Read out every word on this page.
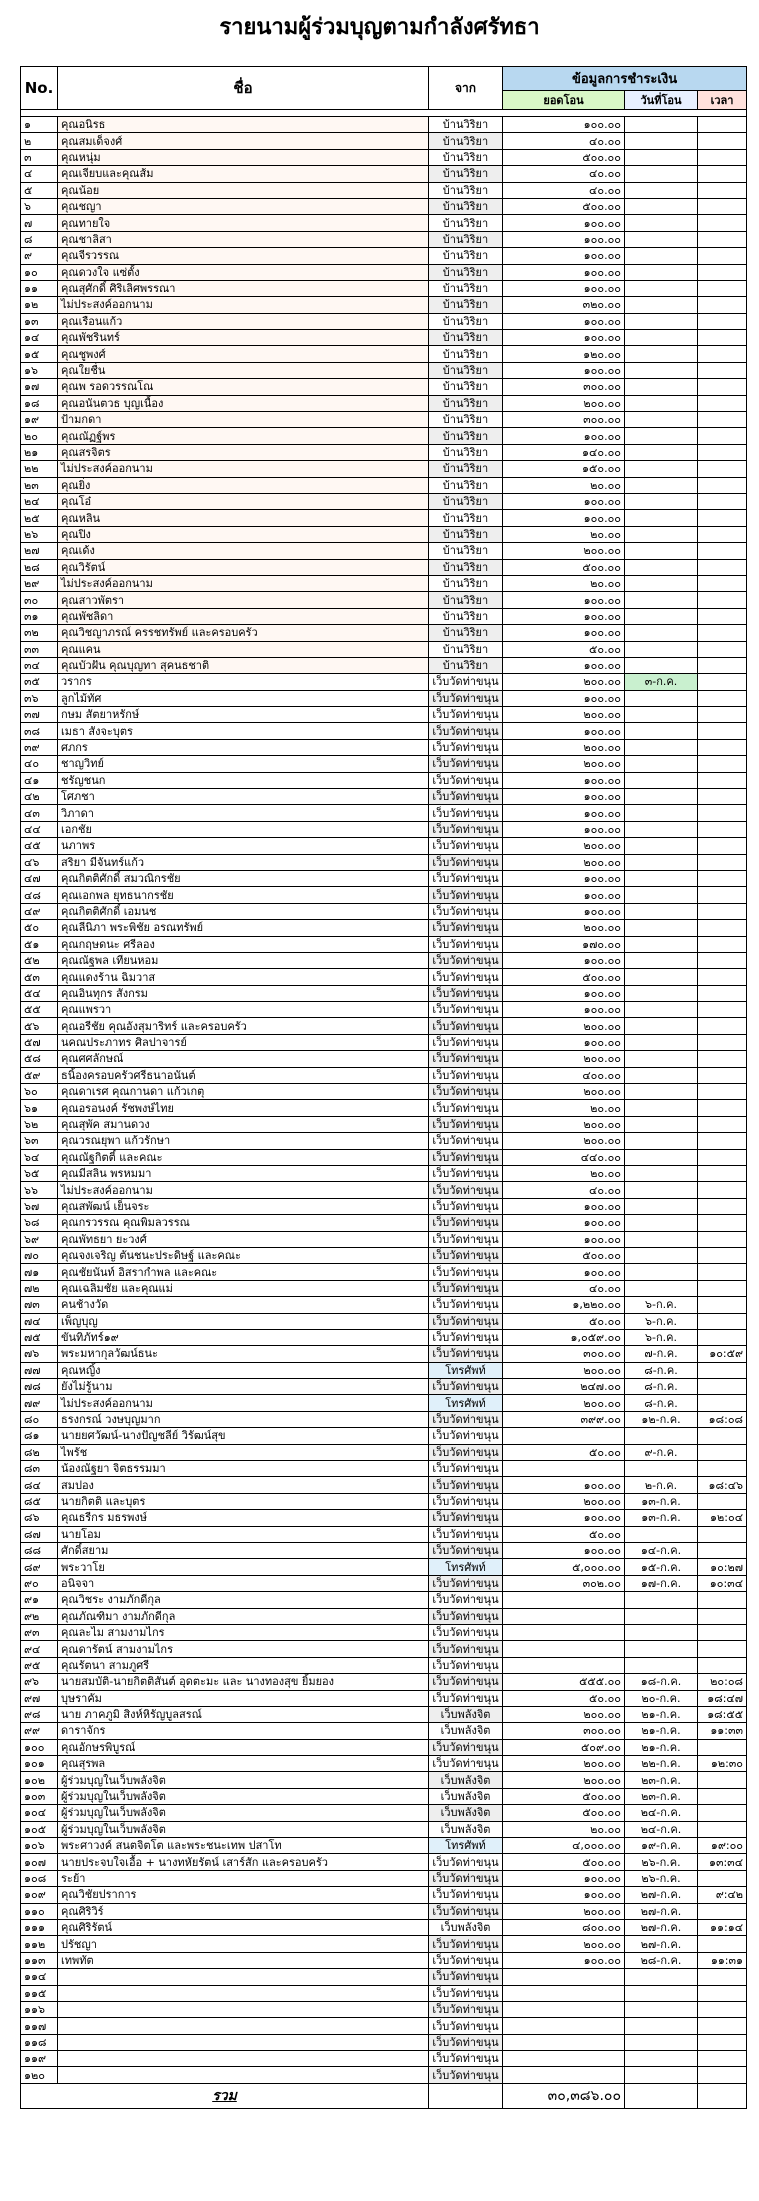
รายนามผู้ร่วมบุญตามกำลังศรัทธา
No.	ชื่อ	จาก	ข้อมูลการชำระเงิน		
			ยอดโอน	วันที่โอน	เวลา

๑	คุณอนิรธ	บ้านวิริยา	๑๐๐.๐๐		
๒	คุณสมเด็จงศ์	บ้านวิริยา	๔๐.๐๐		
๓	คุณหนุ่ม	บ้านวิริยา	๕๐๐.๐๐		
๔	คุณเจียบและคุณส้ม	บ้านวิริยา	๔๐.๐๐		
๕	คุณน้อย	บ้านวิริยา	๔๐.๐๐		
๖	คุณชญา	บ้านวิริยา	๕๐๐.๐๐		
๗	คุณทายใจ	บ้านวิริยา	๑๐๐.๐๐		
๘	คุณชาลิสา	บ้านวิริยา	๑๐๐.๐๐		
๙	คุณจีรวรรณ	บ้านวิริยา	๑๐๐.๐๐		
๑๐	คุณดวงใจ แซ่ตั้ง	บ้านวิริยา	๑๐๐.๐๐		
๑๑	คุณสุศักดิ์ ศิริเลิศพรรณา	บ้านวิริยา	๑๐๐.๐๐		
๑๒	ไม่ประสงค์ออกนาม	บ้านวิริยา	๓๒๐.๐๐		
๑๓	คุณเรือนแก้ว	บ้านวิริยา	๑๐๐.๐๐		
๑๔	คุณพัชรินทร์	บ้านวิริยา	๑๐๐.๐๐		
๑๕	คุณชูพงศ์	บ้านวิริยา	๑๒๐.๐๐		
๑๖	คุณใยชื่น	บ้านวิริยา	๑๐๐.๐๐		
๑๗	คุณพ รอดวรรณโณ	บ้านวิริยา	๓๐๐.๐๐		
๑๘	คุณอนันตวธ บุญเนื้อง	บ้านวิริยา	๒๐๐.๐๐		
๑๙	ป้ามกดา	บ้านวิริยา	๓๐๐.๐๐		
๒๐	คุณณัฏฐ์พร	บ้านวิริยา	๑๐๐.๐๐		
๒๑	คุณสรจิตร	บ้านวิริยา	๑๔๐.๐๐		
๒๒	ไม่ประสงค์ออกนาม	บ้านวิริยา	๑๕๐.๐๐		
๒๓	คุณยิ่ง	บ้านวิริยา	๒๐.๐๐		
๒๔	คุณโอ๋	บ้านวิริยา	๑๐๐.๐๐		
๒๕	คุณหลิน	บ้านวิริยา	๑๐๐.๐๐		
๒๖	คุณปิง	บ้านวิริยา	๒๐.๐๐		
๒๗	คุณเด้ง	บ้านวิริยา	๒๐๐.๐๐		
๒๘	คุณวิรัตน์	บ้านวิริยา	๕๐๐.๐๐		
๒๙	ไม่ประสงค์ออกนาม	บ้านวิริยา	๒๐.๐๐		
๓๐	คุณสาวพัตรา	บ้านวิริยา	๑๐๐.๐๐		
๓๑	คุณพัชลิดา	บ้านวิริยา	๑๐๐.๐๐		
๓๒	คุณวิชญาภรณ์ ครรชทรัพย์ และครอบครัว	บ้านวิริยา	๑๐๐.๐๐		
๓๓	คุณแคน	บ้านวิริยา	๕๐.๐๐		
๓๔	คุณบัวฝัน คุณบุญทา สุคนธชาติ	บ้านวิริยา	๑๐๐.๐๐		
๓๕	วรากร	เว็บวัดท่าขนุน	๒๐๐.๐๐	๓-ก.ค.	
๓๖	ลูกไม้ทัศ	เว็บวัดท่าขนุน	๑๐๐.๐๐		
๓๗	กษม สัตยาหรักษ์	เว็บวัดท่าขนุน	๒๐๐.๐๐		
๓๘	เมธา สังจะบุตร	เว็บวัดท่าขนุน	๑๐๐.๐๐		
๓๙	ศภกร	เว็บวัดท่าขนุน	๒๐๐.๐๐		
๔๐	ชาญวิทย์	เว็บวัดท่าขนุน	๒๐๐.๐๐		
๔๑	ชรัญชนก	เว็บวัดท่าขนุน	๑๐๐.๐๐		
๔๒	โศภชา	เว็บวัดท่าขนุน	๑๐๐.๐๐		
๔๓	วิภาดา	เว็บวัดท่าขนุน	๑๐๐.๐๐		
๔๔	เอกชัย	เว็บวัดท่าขนุน	๑๐๐.๐๐		
๔๕	นภาพร	เว็บวัดท่าขนุน	๒๐๐.๐๐		
๔๖	สริยา มีจันทร์แก้ว	เว็บวัดท่าขนุน	๒๐๐.๐๐		
๔๗	คุณกิตติศักดิ์ สมวณิกรชัย	เว็บวัดท่าขนุน	๑๐๐.๐๐		
๔๘	คุณเอกพล ยุทธนากรชัย	เว็บวัดท่าขนุน	๑๐๐.๐๐		
๔๙	คุณกิตติศักดิ์ เอมนช	เว็บวัดท่าขนุน	๑๐๐.๐๐		
๕๐	คุณลีนิภา พระพิชัย อรณทรัพย์	เว็บวัดท่าขนุน	๒๐๐.๐๐		
๕๑	คุณกฤษดนะ ศรีลอง	เว็บวัดท่าขนุน	๑๗๐.๐๐		
๕๒	คุณณัฐพล เทียนหอม	เว็บวัดท่าขนุน	๑๐๐.๐๐		
๕๓	คุณแดงร้าน ฉิมวาส	เว็บวัดท่าขนุน	๕๐๐.๐๐		
๕๔	คุณอินทุกร สังกรม	เว็บวัดท่าขนุน	๑๐๐.๐๐		
๕๕	คุณแพรวา	เว็บวัดท่าขนุน	๑๐๐.๐๐		
๕๖	คุณอรีชัย คุณอังสุมาริทร์ และครอบครัว	เว็บวัดท่าขนุน	๒๐๐.๐๐		
๕๗	นคณประภาทร ศิลปาจารย์	เว็บวัดท่าขนุน	๑๐๐.๐๐		
๕๘	คุณศศลักษณ์	เว็บวัดท่าขนุน	๒๐๐.๐๐		
๕๙	ธนิ้องครอบครัวศรีธนาอนันต์	เว็บวัดท่าขนุน	๔๐๐.๐๐		
๖๐	คุณดาเรศ คุณกานดา แก้วเกตุ	เว็บวัดท่าขนุน	๒๐๐.๐๐		
๖๑	คุณอรอนงค์ รัชพงษ์ไทย	เว็บวัดท่าขนุน	๒๐.๐๐		
๖๒	คุณสุพัค สมานดวง	เว็บวัดท่าขนุน	๒๐๐.๐๐		
๖๓	คุณวรณยุพา แก้วรักษา	เว็บวัดท่าขนุน	๒๐๐.๐๐		
๖๔	คุณณัฐกิตติ์ และคณะ	เว็บวัดท่าขนุน	๔๔๐.๐๐		
๖๕	คุณมีสลิน พรหมมา	เว็บวัดท่าขนุน	๒๐.๐๐		
๖๖	ไม่ประสงค์ออกนาม	เว็บวัดท่าขนุน	๔๐.๐๐		
๖๗	คุณสพัฒน์ เย็นจระ	เว็บวัดท่าขนุน	๑๐๐.๐๐		
๖๘	คุณกรวรรณ คุณพิมลวรรณ	เว็บวัดท่าขนุน	๑๐๐.๐๐		
๖๙	คุณพัทธยา ยะวงศ์	เว็บวัดท่าขนุน	๑๐๐.๐๐		
๗๐	คุณจงเจริญ ตันชนะประดิษฐ์ และคณะ	เว็บวัดท่าขนุน	๕๐๐.๐๐		
๗๑	คุณชัยนันท์ อิสรากำพล และคณะ	เว็บวัดท่าขนุน	๑๐๐.๐๐		
๗๒	คุณเฉลิมชัย และคุณแม่	เว็บวัดท่าขนุน	๔๐.๐๐		
๗๓	คนช้างวัด	เว็บวัดท่าขนุน	๑,๒๒๐.๐๐	๖-ก.ค.	
๗๔	เพ็ญบุญ	เว็บวัดท่าขนุน	๕๐.๐๐	๖-ก.ค.	
๗๕	ขันทิภัทร์๑๙	เว็บวัดท่าขนุน	๑,๐๕๙.๐๐	๖-ก.ค.	
๗๖	พระมหากุลวัฒน์ธนะ	เว็บวัดท่าขนุน	๓๐๐.๐๐	๗-ก.ค.	๑๐:๕๙
๗๗	คุณหญิ้ง	โทรศัพท์	๒๐๐.๐๐	๘-ก.ค.	
๗๘	ยังไม่รู้นาม	เว็บวัดท่าขนุน	๒๔๗.๐๐	๘-ก.ค.	
๗๙	ไม่ประสงค์ออกนาม	โทรศัพท์	๒๐๐.๐๐	๘-ก.ค.	
๘๐	ธรงกรณ์ วงษบุญมาก	เว็บวัดท่าขนุน	๓๙๙.๐๐	๑๒-ก.ค.	๑๘:๐๘
๘๑	นายยศวัฒน์-นางปัญชลีย์ วิรัฒน์สุข	เว็บวัดท่าขนุน			
๘๒	ไพรัช	เว็บวัดท่าขนุน	๕๐.๐๐	๙-ก.ค.	
๘๓	น้องณัฐยา จิตธรรมมา	เว็บวัดท่าขนุน			
๘๔	สมปอง	เว็บวัดท่าขนุน	๑๐๐.๐๐	๒-ก.ค.	๑๘:๔๖
๘๕	นายกิตติ และบุตร	เว็บวัดท่าขนุน	๒๐๐.๐๐	๑๓-ก.ค.	
๘๖	คุณธรีกร มธรพงษ์	เว็บวัดท่าขนุน	๑๐๐.๐๐	๑๓-ก.ค.	๑๒:๐๔
๘๗	นายโอม	เว็บวัดท่าขนุน	๕๐.๐๐		
๘๘	ศักดิ์สยาม	เว็บวัดท่าขนุน	๑๐๐.๐๐	๑๔-ก.ค.	
๘๙	พระวาโย	โทรศัพท์	๕,๐๐๐.๐๐	๑๕-ก.ค.	๑๐:๒๗
๙๐	อนิจจา	เว็บวัดท่าขนุน	๓๐๒.๐๐	๑๗-ก.ค.	๑๐:๓๔
๙๑	คุณวิชระ งามภักดีกุล	เว็บวัดท่าขนุน			
๙๒	คุณภัณฑิมา งามภักดีกุล	เว็บวัดท่าขนุน			
๙๓	คุณละไม สามงามไกร	เว็บวัดท่าขนุน			
๙๔	คุณดารัตน์ สามงามไกร	เว็บวัดท่าขนุน			
๙๕	คุณรัตนา สามภูศรี	เว็บวัดท่าขนุน			
๙๖	นายสมบัติ-นายกิตติสันต์ อุดตะมะ และ นางทองสุข ยิ้มยอง	เว็บวัดท่าขนุน	๕๕๕.๐๐	๑๘-ก.ค.	๒๐:๐๘
๙๗	บุษราคัม	เว็บวัดท่าขนุน	๕๐.๐๐	๒๐-ก.ค.	๑๘:๔๗
๙๘	นาย ภาคภูมิ สิงห์หิรัญบูลสรณ์	เว็บพลังจิต	๒๐๐.๐๐	๒๑-ก.ค.	๑๘:๕๕
๙๙	ดาราจักร	เว็บพลังจิต	๓๐๐.๐๐	๒๑-ก.ค.	๑๑:๓๓
๑๐๐	คุณอักษรพิบูรณ์	เว็บวัดท่าขนุน	๕๐๙.๐๐	๒๑-ก.ค.	
๑๐๑	คุณสุรพล	เว็บวัดท่าขนุน	๒๐๐.๐๐	๒๒-ก.ค.	๑๒:๓๐
๑๐๒	ผู้ร่วมบุญในเว็บพลังจิต	เว็บพลังจิต	๒๐๐.๐๐	๒๓-ก.ค.	
๑๐๓	ผู้ร่วมบุญในเว็บพลังจิต	เว็บพลังจิต	๕๐๐.๐๐	๒๓-ก.ค.	
๑๐๔	ผู้ร่วมบุญในเว็บพลังจิต	เว็บพลังจิต	๕๐๐.๐๐	๒๔-ก.ค.	
๑๐๕	ผู้ร่วมบุญในเว็บพลังจิต	เว็บพลังจิต	๒๐.๐๐	๒๔-ก.ค.	
๑๐๖	พระศาวงค์ สนตจิตโต และพระชนะเทพ ปสาโท	โทรศัพท์	๔,๐๐๐.๐๐	๑๙-ก.ค.	๑๙:๐๐
๑๐๗	นายประจบใจเอื้อ + นางทหัยรัตน์ เสาร์สัก และครอบครัว	เว็บวัดท่าขนุน	๕๐๐.๐๐	๒๖-ก.ค.	๑๓:๓๔
๑๐๘	ระย้า	เว็บวัดท่าขนุน	๑๐๐.๐๐	๒๖-ก.ค.	
๑๐๙	คุณวิชัยปราการ	เว็บวัดท่าขนุน	๑๐๐.๐๐	๒๗-ก.ค.	๙:๔๒
๑๑๐	คุณศิริวิร์	เว็บวัดท่าขนุน	๒๐๐.๐๐	๒๗-ก.ค.	
๑๑๑	คุณศิริรัตน์	เว็บพลังจิต	๘๐๐.๐๐	๒๗-ก.ค.	๑๑:๑๔
๑๑๒	ปรัชญา	เว็บวัดท่าขนุน	๒๐๐.๐๐	๒๗-ก.ค.	
๑๑๓	เทพทัต	เว็บวัดท่าขนุน	๑๐๐.๐๐	๒๘-ก.ค.	๑๑:๓๑
๑๑๔		เว็บวัดท่าขนุน			
๑๑๕		เว็บวัดท่าขนุน			
๑๑๖		เว็บวัดท่าขนุน			
๑๑๗		เว็บวัดท่าขนุน			
๑๑๘		เว็บวัดท่าขนุน			
๑๑๙		เว็บวัดท่าขนุน			
๑๒๐		เว็บวัดท่าขนุน			
รวม			๓๐,๓๘๖.๐๐		
